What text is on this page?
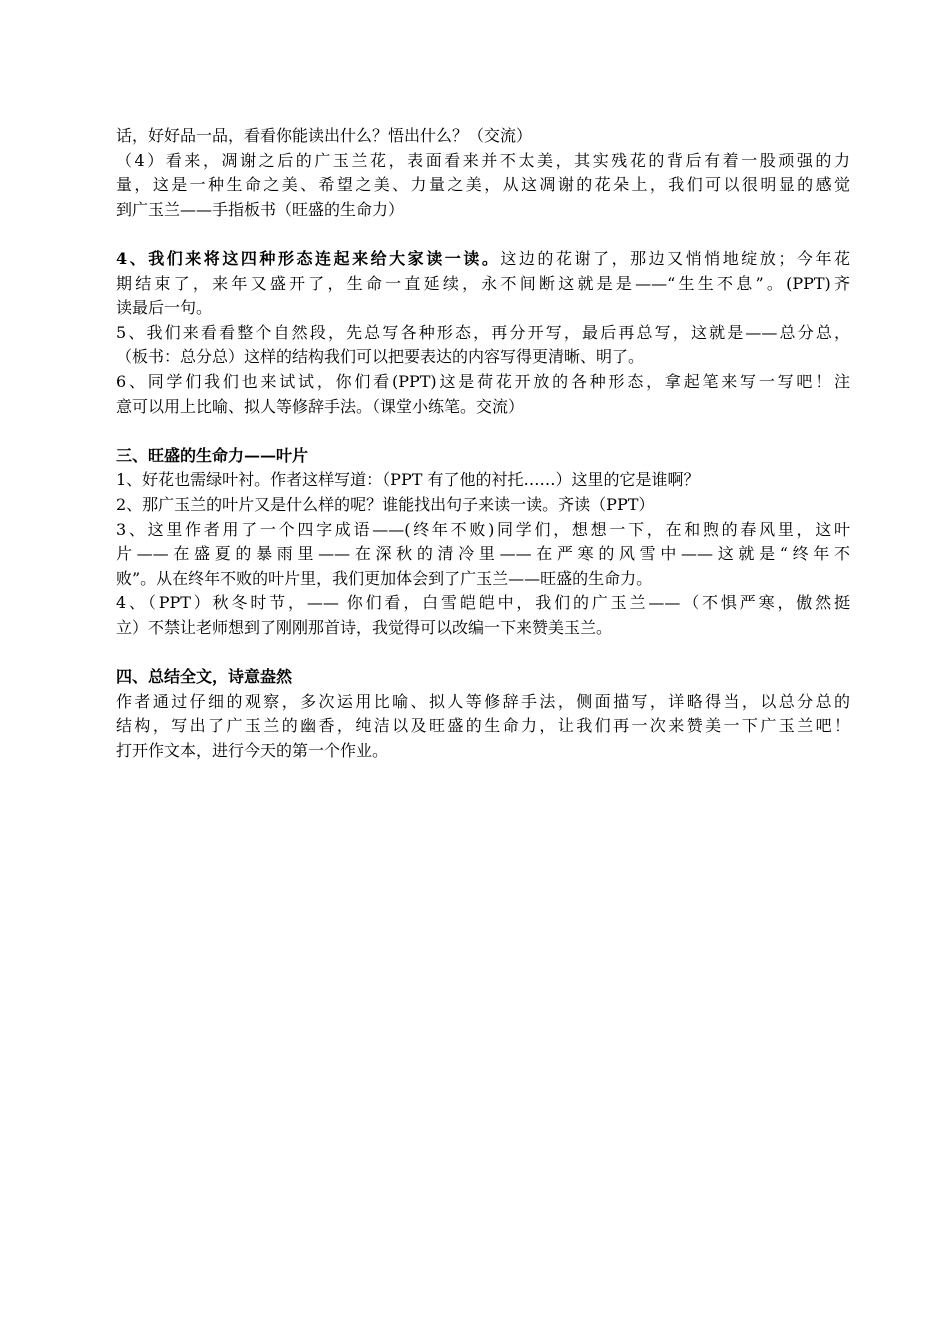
话，好好品一品，看看你能读出什么？悟出什么？（交流）
（4）看来，凋谢之后的广玉兰花，表面看来并不太美，其实残花的背后有着一股顽强的力
量，这是一种生命之美、希望之美、力量之美，从这凋谢的花朵上，我们可以很明显的感觉
到广玉兰——手指板书（旺盛的生命力）
4、我们来将这四种形态连起来给大家读一读。这边的花谢了，那边又悄悄地绽放；今年花
期结束了，来年又盛开了，生命一直延续，永不间断这就是是——“生生不息”。(PPT)齐
读最后一句。
5、我们来看看整个自然段，先总写各种形态，再分开写，最后再总写，这就是——总分总，
（板书：总分总）这样的结构我们可以把要表达的内容写得更清晰、明了。
6、同学们我们也来试试，你们看(PPT)这是荷花开放的各种形态，拿起笔来写一写吧！注
意可以用上比喻、拟人等修辞手法。（课堂小练笔。交流）
三、旺盛的生命力——叶片
1、好花也需绿叶衬。作者这样写道：（PPT 有了他的衬托……）这里的它是谁啊？
2、那广玉兰的叶片又是什么样的呢？谁能找出句子来读一读。齐读（PPT）
3、这里作者用了一个四字成语——(终年不败)同学们，想想一下，在和煦的春风里，这叶
片——在盛夏的暴雨里——在深秋的清冷里——在严寒的风雪中——这就是“终年不
败”。从在终年不败的叶片里，我们更加体会到了广玉兰——旺盛的生命力。
4、（PPT）秋冬时节，—— 你们看，白雪皑皑中，我们的广玉兰——（不惧严寒，傲然挺
立）不禁让老师想到了刚刚那首诗，我觉得可以改编一下来赞美玉兰。
四、总结全文，诗意盎然
作者通过仔细的观察，多次运用比喻、拟人等修辞手法，侧面描写，详略得当，以总分总的
结构，写出了广玉兰的幽香，纯洁以及旺盛的生命力，让我们再一次来赞美一下广玉兰吧！
打开作文本，进行今天的第一个作业。
